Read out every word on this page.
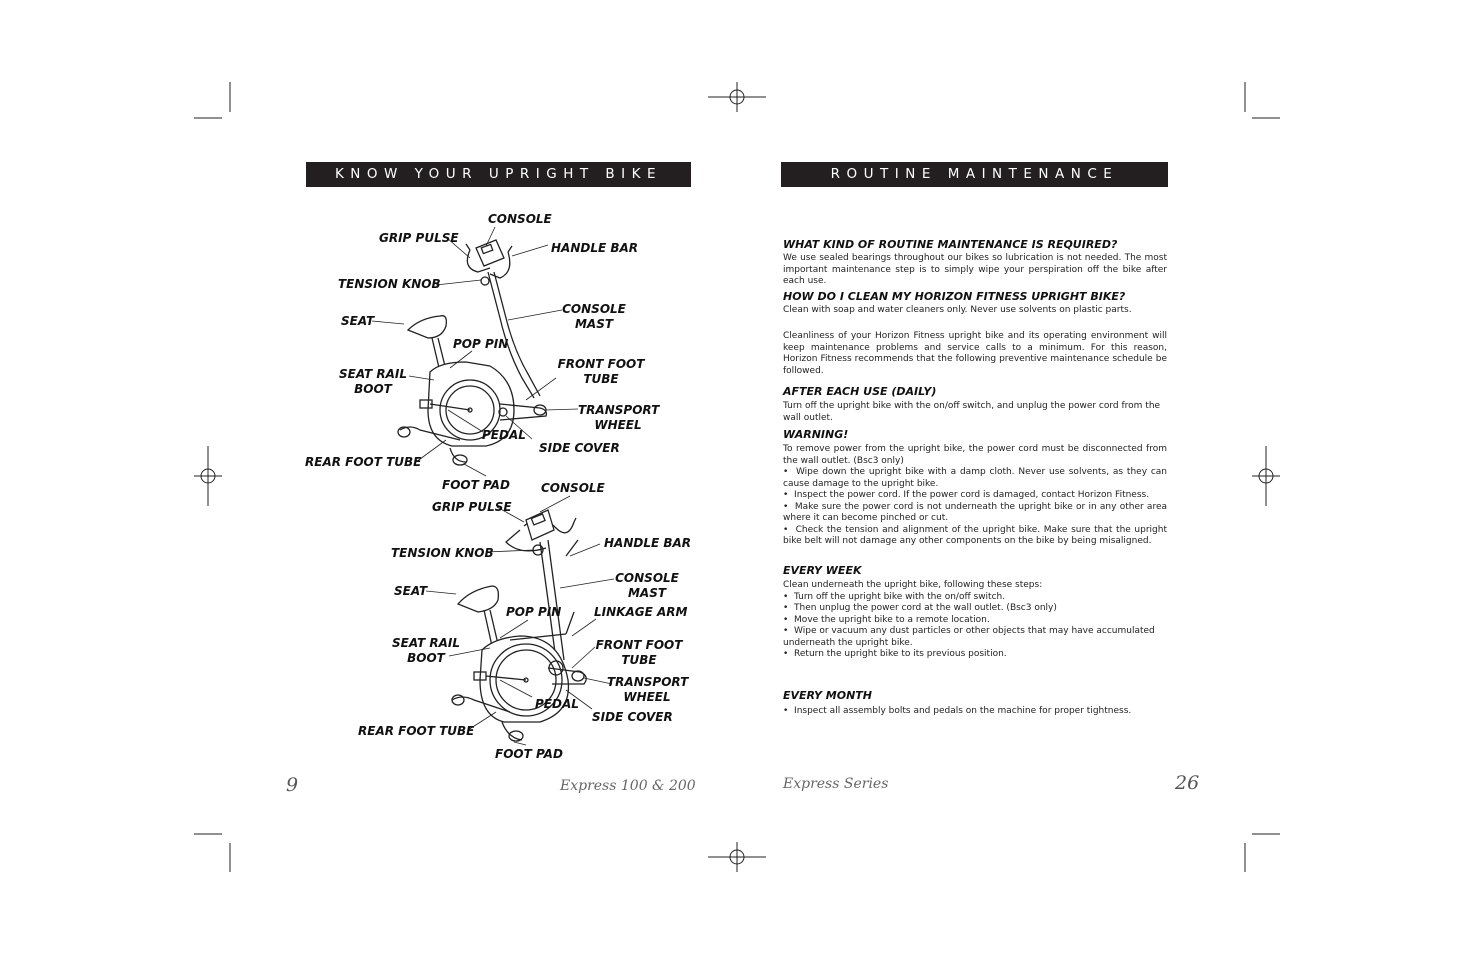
KNOW YOUR UPRIGHT BIKE
CONSOLE
GRIP PULSE
HANDLE BAR
TENSION KNOB
CONSOLE
MAST
SEAT
POP PIN
FRONT FOOT
TUBE
SEAT RAIL
BOOT
TRANSPORT
WHEEL
PEDAL
SIDE COVER
REAR FOOT TUBE
FOOT PAD	CONSOLE
GRIP PULSE
HANDLE BAR
TENSION KNOB
CONSOLE
MAST
SEAT
POP PIN	LINKAGE ARM
FRONT FOOT
TUBE
SEAT RAIL
BOOT
TRANSPORT
WHEEL
PEDAL
SIDE COVER
REAR FOOT TUBE
FOOT PAD
9	Express 100 & 200
ROUTINE MAINTENANCE
WHAT KIND OF ROUTINE MAINTENANCE IS REQUIRED?
We use sealed bearings throughout our bikes so lubrication is not needed. The most important maintenance step is to simply wipe your perspiration off the bike after each use.
HOW DO I CLEAN MY HORIZON FITNESS UPRIGHT BIKE?
Clean with soap and water cleaners only. Never use solvents on plastic parts.
Cleanliness of your Horizon Fitness upright bike and its operating environment will keep maintenance problems and service calls to a minimum. For this reason, Horizon Fitness recommends that the following preventive maintenance schedule be followed.
AFTER EACH USE (DAILY)
Turn off the upright bike with the on/off switch, and unplug the power cord from the wall outlet.
WARNING!
To remove power from the upright bike, the power cord must be disconnected from the wall outlet. (Bsc3 only)
• Wipe down the upright bike with a damp cloth. Never use solvents, as they can cause damage to the upright bike.
• Inspect the power cord. If the power cord is damaged, contact Horizon Fitness.
• Make sure the power cord is not underneath the upright bike or in any other area where it can become pinched or cut.
• Check the tension and alignment of the upright bike. Make sure that the upright bike belt will not damage any other components on the bike by being misaligned.
EVERY WEEK
Clean underneath the upright bike, following these steps:
• Turn off the upright bike with the on/off switch.
• Then unplug the power cord at the wall outlet. (Bsc3 only)
• Move the upright bike to a remote location.
• Wipe or vacuum any dust particles or other objects that may have accumulated underneath the upright bike.
• Return the upright bike to its previous position.
EVERY MONTH
• Inspect all assembly bolts and pedals on the machine for proper tightness.
Express Series	26
